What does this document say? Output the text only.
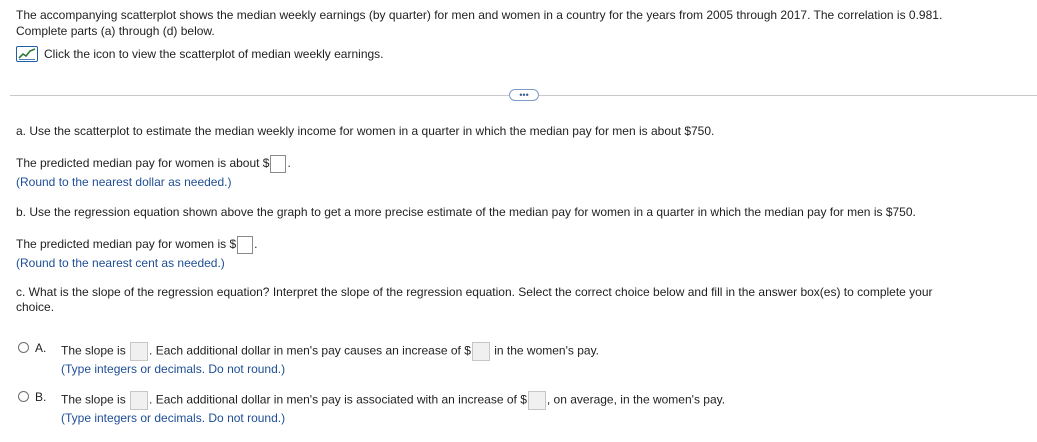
The accompanying scatterplot shows the median weekly earnings (by quarter) for men and women in a country for the years from 2005 through 2017. The correlation is 0.981.
Complete parts (a) through (d) below.
Click the icon to view the scatterplot of median weekly earnings.
•••
a. Use the scatterplot to estimate the median weekly income for women in a quarter in which the median pay for men is about $750.
The predicted median pay for women is about $ .
(Round to the nearest dollar as needed.)
b. Use the regression equation shown above the graph to get a more precise estimate of the median pay for women in a quarter in which the median pay for men is $750.
The predicted median pay for women is $ .
(Round to the nearest cent as needed.)
c. What is the slope of the regression equation? Interpret the slope of the regression equation. Select the correct choice below and fill in the answer box(es) to complete your
choice.
A. The slope is . Each additional dollar in men's pay causes an increase of $ in the women's pay.
(Type integers or decimals. Do not round.)
B. The slope is . Each additional dollar in men's pay is associated with an increase of $ , on average, in the women's pay.
(Type integers or decimals. Do not round.)
